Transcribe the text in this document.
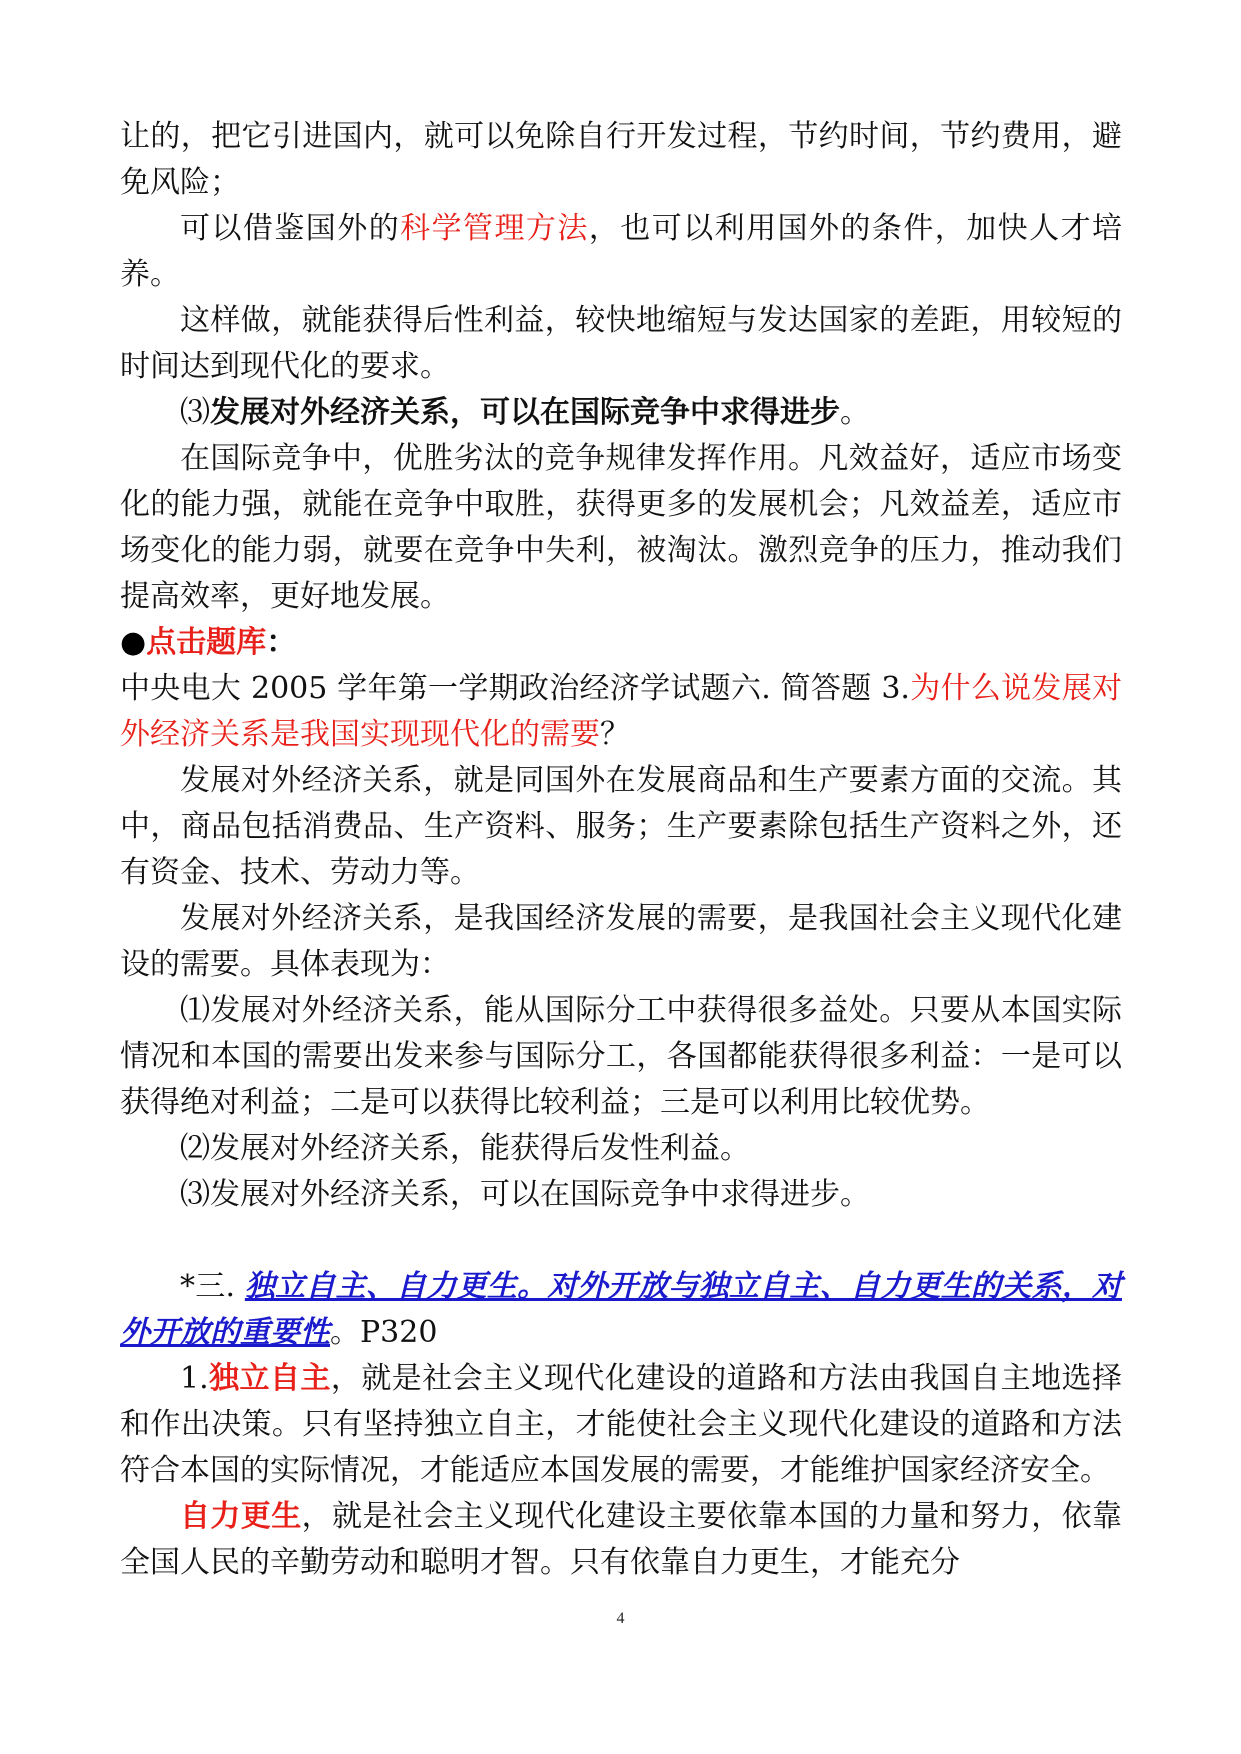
让的，把它引进国内，就可以免除自行开发过程，节约时间，节约费用，避免风险；

可以借鉴国外的科学管理方法，也可以利用国外的条件，加快人才培养。

这样做，就能获得后性利益，较快地缩短与发达国家的差距，用较短的时间达到现代化的要求。

⑶发展对外经济关系，可以在国际竞争中求得进步。

在国际竞争中，优胜劣汰的竞争规律发挥作用。凡效益好，适应市场变化的能力强，就能在竞争中取胜，获得更多的发展机会；凡效益差，适应市场变化的能力弱，就要在竞争中失利，被淘汰。激烈竞争的压力，推动我们提高效率，更好地发展。

●点击题库：

中央电大 2005 学年第一学期政治经济学试题六. 简答题 3.为什么说发展对外经济关系是我国实现现代化的需要？

发展对外经济关系，就是同国外在发展商品和生产要素方面的交流。其中，商品包括消费品、生产资料、服务；生产要素除包括生产资料之外，还有资金、技术、劳动力等。

发展对外经济关系，是我国经济发展的需要，是我国社会主义现代化建设的需要。具体表现为：

⑴发展对外经济关系，能从国际分工中获得很多益处。只要从本国实际情况和本国的需要出发来参与国际分工，各国都能获得很多利益：一是可以获得绝对利益；二是可以获得比较利益；三是可以利用比较优势。

⑵发展对外经济关系，能获得后发性利益。

⑶发展对外经济关系，可以在国际竞争中求得进步。

*三. 独立自主、自力更生。对外开放与独立自主、自力更生的关系，对外开放的重要性。P320

1.独立自主，就是社会主义现代化建设的道路和方法由我国自主地选择和作出决策。只有坚持独立自主，才能使社会主义现代化建设的道路和方法符合本国的实际情况，才能适应本国发展的需要，才能维护国家经济安全。

自力更生，就是社会主义现代化建设主要依靠本国的力量和努力，依靠全国人民的辛勤劳动和聪明才智。只有依靠自力更生，才能充分

4
